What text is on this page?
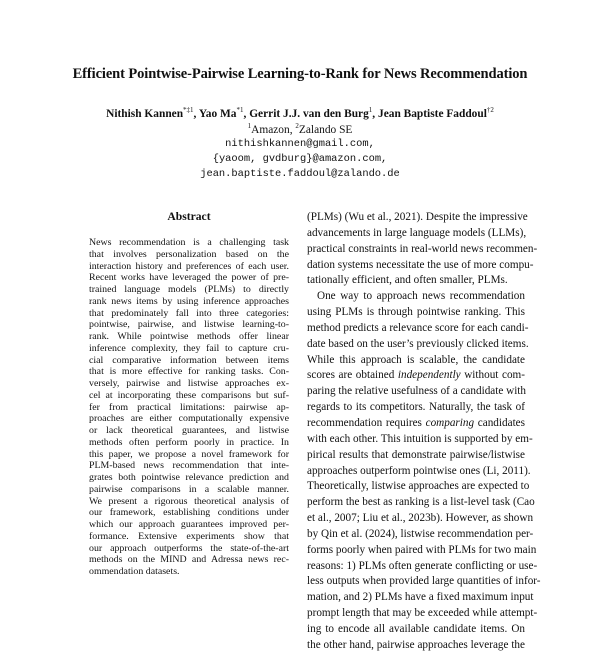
Efficient Pointwise-Pairwise Learning-to-Rank for News Recommendation
Nithish Kannen$^{*\ddagger 1}$, Yao Ma$^{*1}$, Gerrit J.J. van den Burg$^1$, Jean Baptiste Faddoul$^{\dagger 2}$
$^1$Amazon, $^2$Zalando SE
nithishkannen@gmail.com,
{yaoom, gvdburg}@amazon.com,
jean.baptiste.faddoul@zalando.de
Abstract
News recommendation is a challenging task
that involves personalization based on the
interaction history and preferences of each user.
Recent works have leveraged the power of pre-
trained language models (PLMs) to directly
rank news items by using inference approaches
that predominately fall into three categories:
pointwise, pairwise, and listwise learning-to-
rank. While pointwise methods offer linear
inference complexity, they fail to capture cru-
cial comparative information between items
that is more effective for ranking tasks. Con-
versely, pairwise and listwise approaches ex-
cel at incorporating these comparisons but suf-
fer from practical limitations: pairwise ap-
proaches are either computationally expensive
or lack theoretical guarantees, and listwise
methods often perform poorly in practice. In
this paper, we propose a novel framework for
PLM-based news recommendation that inte-
grates both pointwise relevance prediction and
pairwise comparisons in a scalable manner.
We present a rigorous theoretical analysis of
our framework, establishing conditions under
which our approach guarantees improved per-
formance. Extensive experiments show that
our approach outperforms the state-of-the-art
methods on the MIND and Adressa news rec-
ommendation datasets.
(PLMs) (Wu et al., 2021). Despite the impressive
advancements in large language models (LLMs),
practical constraints in real-world news recommen-
dation systems necessitate the use of more compu-
tationally efficient, and often smaller, PLMs.
One way to approach news recommendation
using PLMs is through pointwise ranking. This
method predicts a relevance score for each candi-
date based on the user’s previously clicked items.
While this approach is scalable, the candidate
scores are obtained independently without com-
paring the relative usefulness of a candidate with
regards to its competitors. Naturally, the task of
recommendation requires comparing candidates
with each other. This intuition is supported by em-
pirical results that demonstrate pairwise/listwise
approaches outperform pointwise ones (Li, 2011).
Theoretically, listwise approaches are expected to
perform the best as ranking is a list-level task (Cao
et al., 2007; Liu et al., 2023b). However, as shown
by Qin et al. (2024), listwise recommendation per-
forms poorly when paired with PLMs for two main
reasons: 1) PLMs often generate conflicting or use-
less outputs when provided large quantities of infor-
mation, and 2) PLMs have a fixed maximum input
prompt length that may be exceeded while attempt-
ing to encode all available candidate items. On
the other hand, pairwise approaches leverage the
